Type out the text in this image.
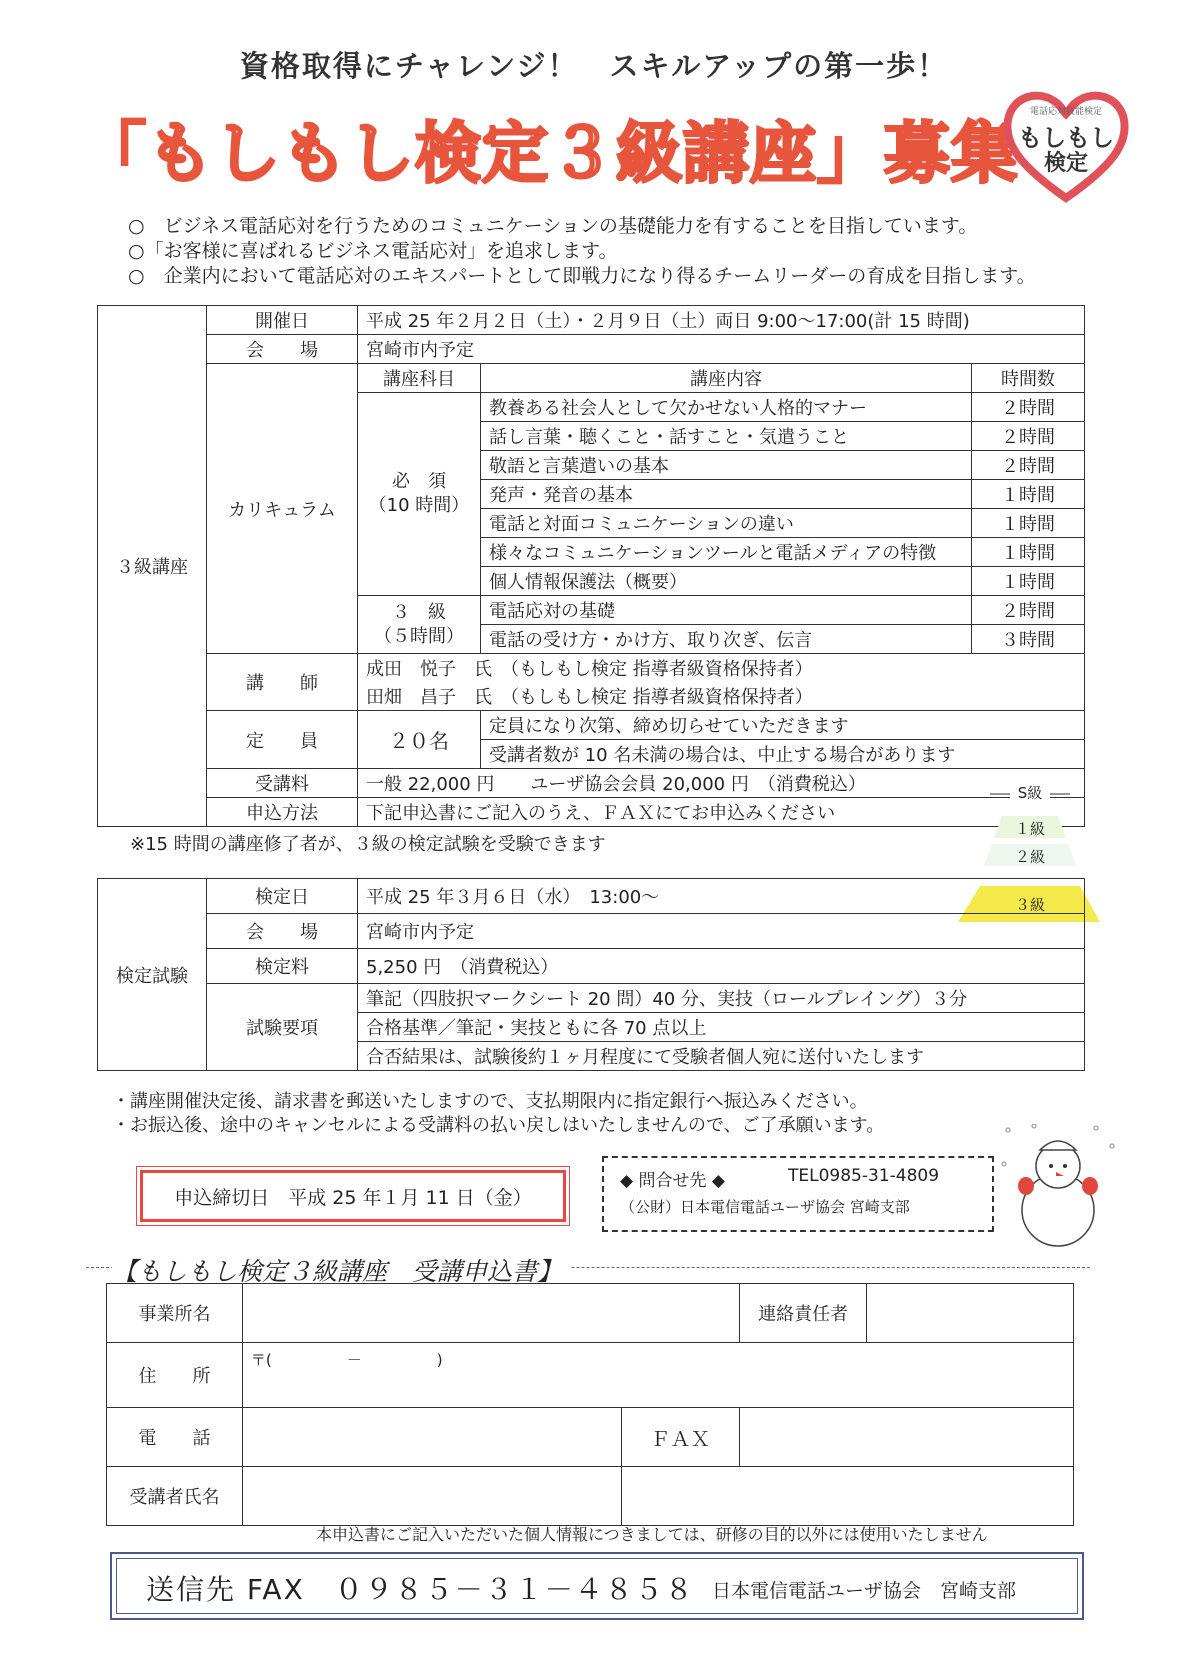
資格取得にチャレンジ！　スキルアップの第一歩！
「もしもし検定３級講座」募集
電話応対技能検定
もしもし
検定
○　ビジネス電話応対を行うためのコミュニケーションの基礎能力を有することを目指しています。
○「お客様に喜ばれるビジネス電話応対」を追求します。
○　企業内において電話応対のエキスパートとして即戦力になり得るチームリーダーの育成を目指します。
３級講座	開催日	平成 25 年２月２日（土）・２月９日（土）両日 9:00～17:00(計 15 時間)		
	会　　場	宮崎市内予定		
	カリキュラム	講座科目	講座内容	時間数

		必　須
（10 時間）	教養ある社会人として欠かせない人格的マナー	２時間
			話し言葉・聴くこと・話すこと・気遣うこと	２時間
			敬語と言葉遣いの基本	２時間
			発声・発音の基本	１時間
			電話と対面コミュニケーションの違い	１時間
			様々なコミュニケーションツールと電話メディアの特徴	１時間
			個人情報保護法（概要）	１時間

		３　級
（５時間）	電話応対の基礎	２時間
			電話の受け方・かけ方、取り次ぎ、伝言	３時間
	講　　師	成田　悦子　氏　（もしもし検定 指導者級資格保持者）		
		田畑　昌子　氏　（もしもし検定 指導者級資格保持者）		
	定　　員	２０名	定員になり次第、締め切らせていただきます	
			受講者数が 10 名未満の場合は、中止する場合があります	
	受講料	一般 22,000 円　　ユーザ協会会員 20,000 円　（消費税込）		
	申込方法	下記申込書にご記入のうえ、ＦＡＸにてお申込みください		
※15 時間の講座修了者が、３級の検定試験を受験できます
S級
１級
２級
３級
検定試験	検定日	平成 25 年３月６日（水）　13:00～
	会　　場	宮崎市内予定
	検定料	5,250 円　（消費税込）
	試験要項	筆記（四肢択マークシート 20 問）40 分、実技（ロールプレイング）３分
		合格基準／筆記・実技ともに各 70 点以上
		合否結果は、試験後約１ヶ月程度にて受験者個人宛に送付いたします
・講座開催決定後、請求書を郵送いたしますので、支払期限内に指定銀行へ振込みください。
・お振込後、途中のキャンセルによる受講料の払い戻しはいたしませんので、ご了承願います。
申込締切日　平成 25 年１月 11 日（金）
◆ 問合せ先 ◆	TEL0985-31-4809
（公財）日本電信電話ユーザ協会 宮崎支部
【もしもし検定３級講座　受講申込書】
事業所名			連絡責任者	
住　　所	〒(　　　　　－　　　　　)			
電　　話		ＦＡＸ		
受講者氏名				
本申込書にご記入いただいた個人情報につきましては、研修の目的以外には使用いたしません
送信先 FAX　０９８５－３１－４８５８ 日本電信電話ユーザ協会　宮崎支部
